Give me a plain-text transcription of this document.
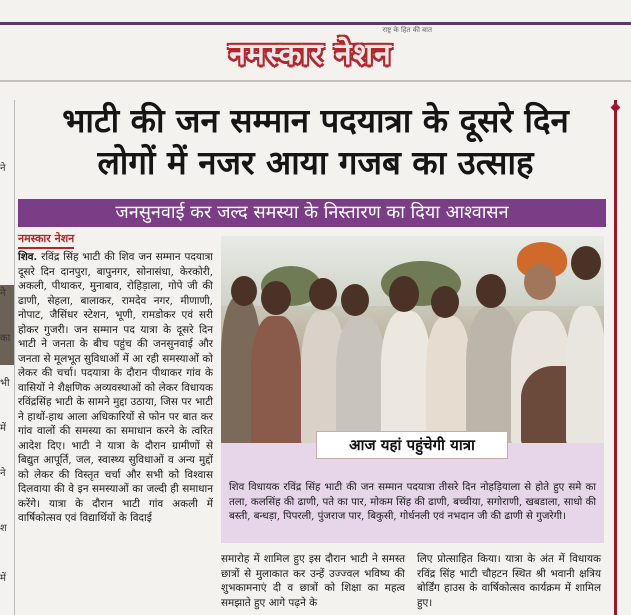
राष्ट्र के हित की बात
नमस्कार नेशन
ने
ने
का
भी
में
ने
श
में
भाटी की जन सम्मान पदयात्रा के दूसरे दिन
लोगों में नजर आया गजब का उत्साह
जनसुनवाई कर जल्द समस्या के निस्तारण का दिया आश्वासन
नमस्कार नेशन
शिव. रविंद्र सिंह भाटी की शिव जन सम्मान पदयात्रा दूसरे दिन दानपुरा, बापुनगर, सोनासंधा, केरकोरी, अकली, पीथाकर, मुनाबाव, रोहिड़ाला, गोपे जी की ढाणी, सेहला, बालाकर, रामदेव नगर, मीणाणी, नोपाट, जैसिंधर स्टेशन, भूणी, रामडोकर एवं सरी होकर गुजरी। जन सम्मान पद यात्रा के दूसरे दिन भाटी ने जनता के बीच पहुंच की जनसुनवाई और जनता से मूलभूत सुविधाओं में आ रही समस्याओं को लेकर की चर्चा। पदयात्रा के दौरान पीथाकर गांव के वासियों ने शैक्षणिक अव्यवस्थाओं को लेकर विधायक रविंद्रसिंह भाटी के सामने मुद्दा उठाया, जिस पर भाटी ने हाथों-हाथ आला अधिकारियों से फोन पर बात कर गांव वालों की समस्या का समाधान करने के त्वरित आदेश दिए। भाटी ने यात्रा के दौरान ग्रामीणों से बिद्युत आपूर्ति, जल, स्वास्थ्य सुविधाओं व अन्य मुद्दों को लेकर की विस्तृत चर्चा और सभी को विश्वास दिलवाया की वे इन समस्याओं का जल्दी ही समाधान करेंगे। यात्रा के दौरान भाटी गांव अकली में वार्षिकोत्सव एवं विद्यार्थियों के विदाई
आज यहां पहुंचेगी यात्रा
शिव विधायक रविंद्र सिंह भाटी की जन सम्मान पदयात्रा तीसरे दिन नोहड़ियाला से होते हुए समे का तला, कलसिंह की ढाणी, पते का पार, मोकम सिंह की ढाणी, बच्चीया, सगोराणी, खबडाला, साधो की बस्ती, बन्धड़ा, पिपरली, पुंजराज पार, बिकुसी, गोर्धनली एवं नभदान जी की ढाणी से गुजरेगी।
समारोह में शामिल हुए इस दौरान भाटी ने समस्त छात्रों से मुलाकात कर उन्हें उज्ज्वल भविष्य की शुभकामनाएं दी व छात्रों को शिक्षा का महत्व समझाते हुए आगे पढ़ने के
लिए प्रोत्साहित किया। यात्रा के अंत में विधायक रविंद्र सिंह भाटी चौहटन स्थित श्री भवानी क्षत्रिय बोर्डिंग हाउस के वार्षिकोत्सव कार्यक्रम में शामिल हुए।
